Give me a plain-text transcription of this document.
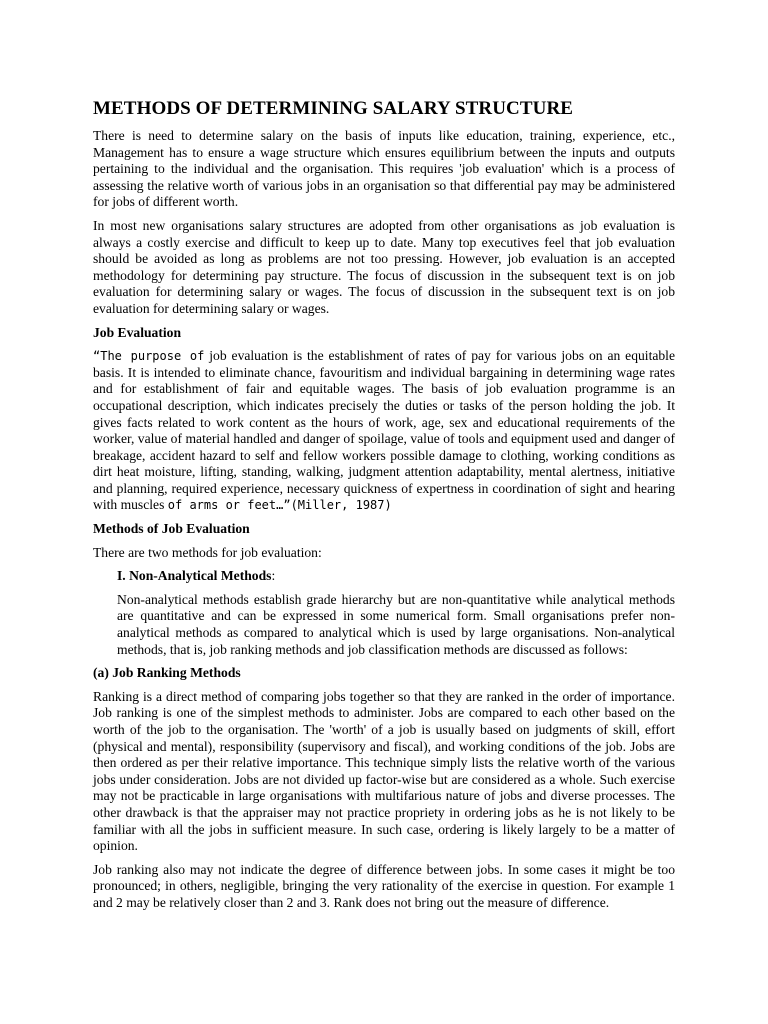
METHODS OF DETERMINING SALARY STRUCTURE

There is need to determine salary on the basis of inputs like education, training, experience, etc., Management has to ensure a wage structure which ensures equilibrium between the inputs and outputs pertaining to the individual and the organisation. This requires 'job evaluation' which is a process of assessing the relative worth of various jobs in an organisation so that differential pay may be administered for jobs of different worth.

In most new organisations salary structures are adopted from other organisations as job evaluation is always a costly exercise and difficult to keep up to date. Many top executives feel that job evaluation should be avoided as long as problems are not too pressing. However, job evaluation is an accepted methodology for determining pay structure. The focus of discussion in the subsequent text is on job evaluation for determining salary or wages. The focus of discussion in the subsequent text is on job evaluation for determining salary or wages.

Job Evaluation

“The purpose of job evaluation is the establishment of rates of pay for various jobs on an equitable basis. It is intended to eliminate chance, favouritism and individual bargaining in determining wage rates and for establishment of fair and equitable wages. The basis of job evaluation programme is an occupational description, which indicates precisely the duties or tasks of the person holding the job. It gives facts related to work content as the hours of work, age, sex and educational requirements of the worker, value of material handled and danger of spoilage, value of tools and equipment used and danger of breakage, accident hazard to self and fellow workers possible damage to clothing, working conditions as dirt heat moisture, lifting, standing, walking, judgment attention adaptability, mental alertness, initiative and planning, required experience, necessary quickness of expertness in coordination of sight and hearing with muscles of arms or feet…”(Miller, 1987)

Methods of Job Evaluation

There are two methods for job evaluation:

I. Non-Analytical Methods:

Non-analytical methods establish grade hierarchy but are non-quantitative while analytical methods are quantitative and can be expressed in some numerical form. Small organisations prefer non-analytical methods as compared to analytical which is used by large organisations. Non-analytical methods, that is, job ranking methods and job classification methods are discussed as follows:

(a) Job Ranking Methods

Ranking is a direct method of comparing jobs together so that they are ranked in the order of importance. Job ranking is one of the simplest methods to administer. Jobs are compared to each other based on the worth of the job to the organisation. The 'worth' of a job is usually based on judgments of skill, effort (physical and mental), responsibility (supervisory and fiscal), and working conditions of the job. Jobs are then ordered as per their relative importance. This technique simply lists the relative worth of the various jobs under consideration. Jobs are not divided up factor-wise but are considered as a whole. Such exercise may not be practicable in large organisations with multifarious nature of jobs and diverse processes. The other drawback is that the appraiser may not practice propriety in ordering jobs as he is not likely to be familiar with all the jobs in sufficient measure. In such case, ordering is likely largely to be a matter of opinion.

Job ranking also may not indicate the degree of difference between jobs. In some cases it might be too pronounced; in others, negligible, bringing the very rationality of the exercise in question. For example 1 and 2 may be relatively closer than 2 and 3. Rank does not bring out the measure of difference.
